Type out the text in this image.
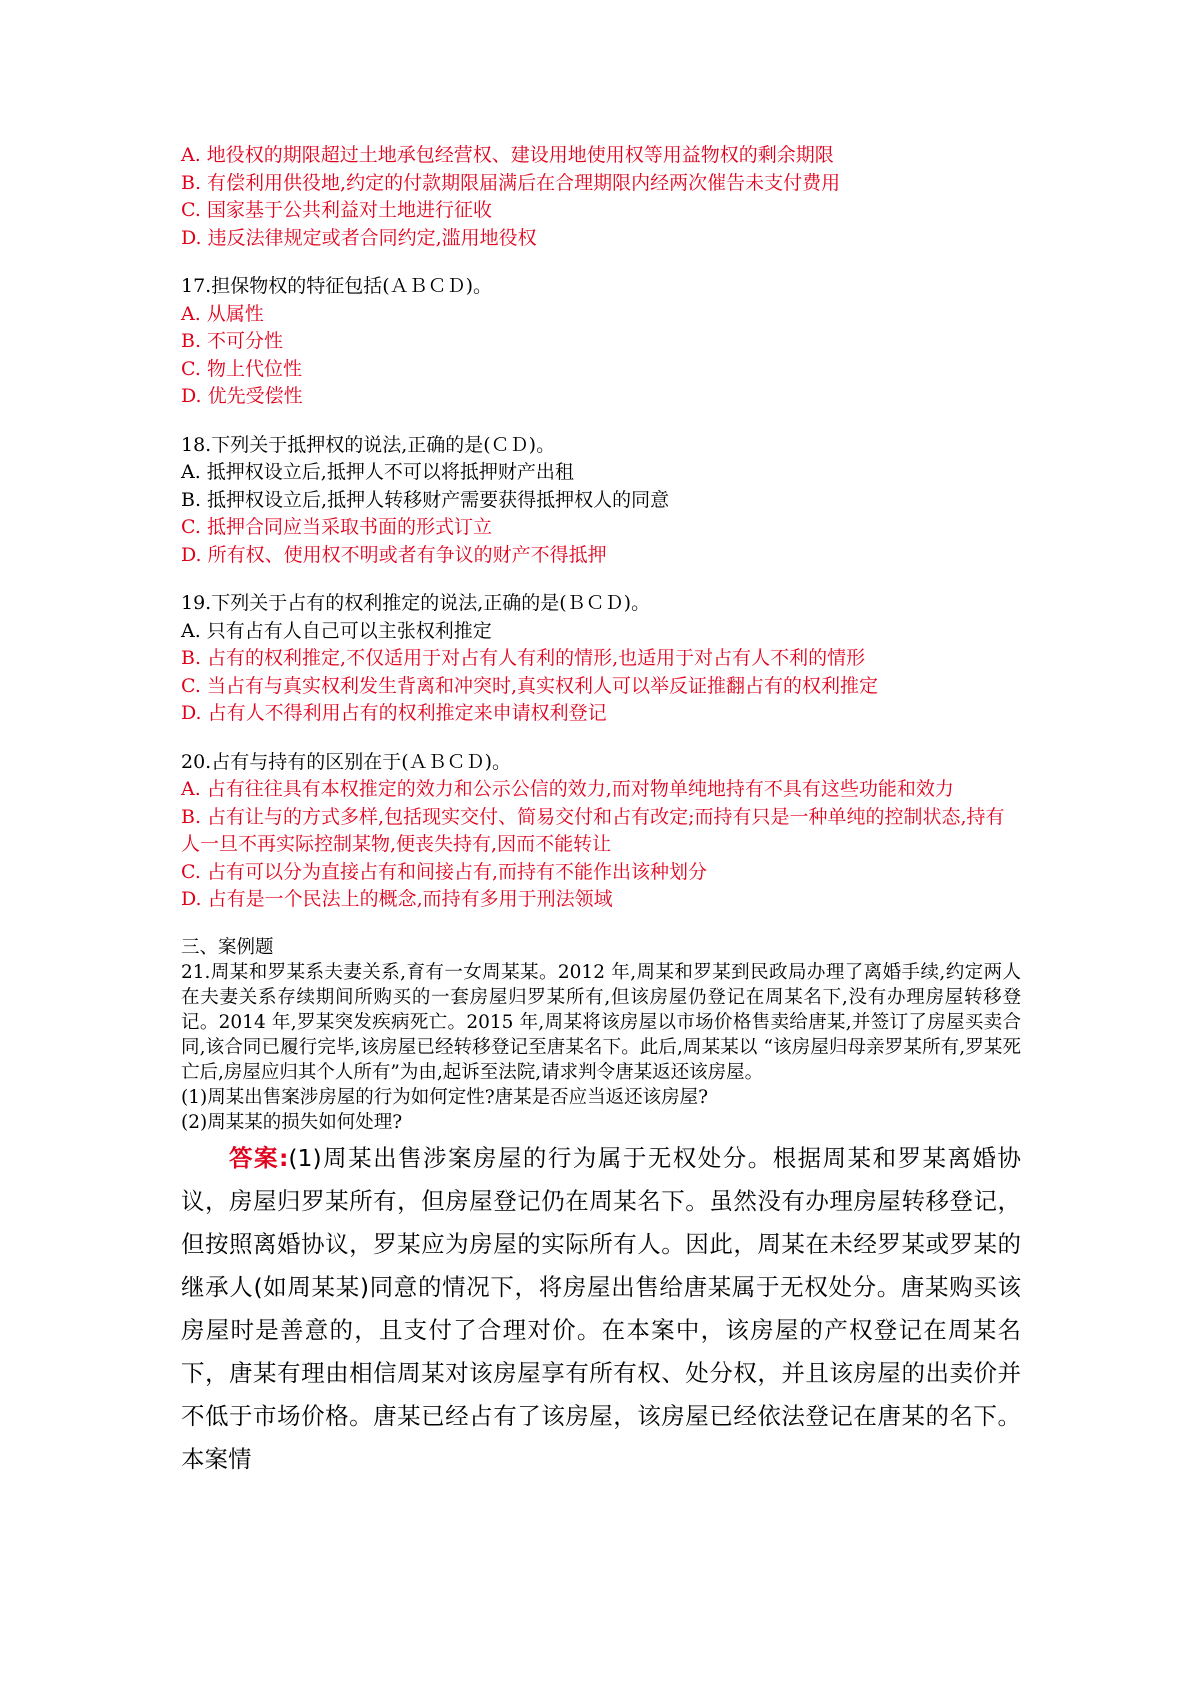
A. 地役权的期限超过土地承包经营权、建设用地使用权等用益物权的剩余期限
B. 有偿利用供役地,约定的付款期限届满后在合理期限内经两次催告未支付费用
C. 国家基于公共利益对土地进行征收
D. 违反法律规定或者合同约定,滥用地役权
17.担保物权的特征包括(ＡＢＣＤ)。
A. 从属性
B. 不可分性
C. 物上代位性
D. 优先受偿性
18.下列关于抵押权的说法,正确的是(ＣＤ)。
A. 抵押权设立后,抵押人不可以将抵押财产出租
B. 抵押权设立后,抵押人转移财产需要获得抵押权人的同意
C. 抵押合同应当采取书面的形式订立
D. 所有权、使用权不明或者有争议的财产不得抵押
19.下列关于占有的权利推定的说法,正确的是(ＢＣＤ)。
A. 只有占有人自己可以主张权利推定
B. 占有的权利推定,不仅适用于对占有人有利的情形,也适用于对占有人不利的情形
C. 当占有与真实权利发生背离和冲突时,真实权利人可以举反证推翻占有的权利推定
D. 占有人不得利用占有的权利推定来申请权利登记
20.占有与持有的区别在于(ＡＢＣＤ)。
A. 占有往往具有本权推定的效力和公示公信的效力,而对物单纯地持有不具有这些功能和效力
B. 占有让与的方式多样,包括现实交付、简易交付和占有改定;而持有只是一种单纯的控制状态,持有人一旦不再实际控制某物,便丧失持有,因而不能转让
C. 占有可以分为直接占有和间接占有,而持有不能作出该种划分
D. 占有是一个民法上的概念,而持有多用于刑法领域
三、案例题
21.周某和罗某系夫妻关系,育有一女周某某。2012 年,周某和罗某到民政局办理了离婚手续,约定两人在夫妻关系存续期间所购买的一套房屋归罗某所有,但该房屋仍登记在周某名下,没有办理房屋转移登记。2014 年,罗某突发疾病死亡。2015 年,周某将该房屋以市场价格售卖给唐某,并签订了房屋买卖合同,该合同已履行完毕,该房屋已经转移登记至唐某名下。此后,周某某以 “该房屋归母亲罗某所有,罗某死亡后,房屋应归其个人所有”为由,起诉至法院,请求判令唐某返还该房屋。
(1)周某出售案涉房屋的行为如何定性?唐某是否应当返还该房屋?
(2)周某某的损失如何处理?
答案:(1)周某出售涉案房屋的行为属于无权处分。根据周某和罗某离婚协议，房屋归罗某所有，但房屋登记仍在周某名下。虽然没有办理房屋转移登记，但按照离婚协议，罗某应为房屋的实际所有人。因此，周某在未经罗某或罗某的继承人(如周某某)同意的情况下，将房屋出售给唐某属于无权处分。唐某购买该房屋时是善意的，且支付了合理对价。在本案中，该房屋的产权登记在周某名下，唐某有理由相信周某对该房屋享有所有权、处分权，并且该房屋的出卖价并不低于市场价格。唐某已经占有了该房屋，该房屋已经依法登记在唐某的名下。本案情
